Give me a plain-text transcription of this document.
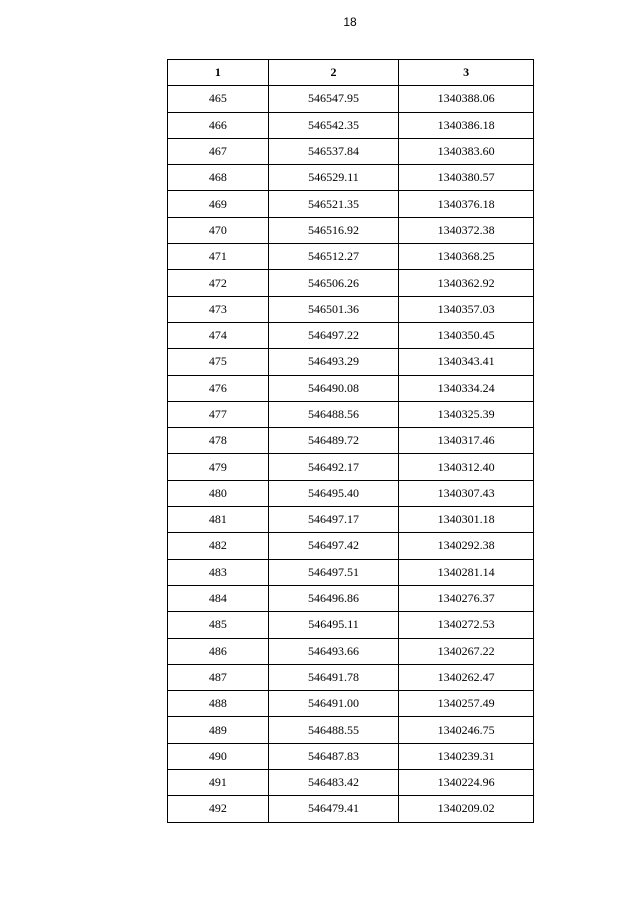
18
1	2	3
465	546547.95	1340388.06
466	546542.35	1340386.18
467	546537.84	1340383.60
468	546529.11	1340380.57
469	546521.35	1340376.18
470	546516.92	1340372.38
471	546512.27	1340368.25
472	546506.26	1340362.92
473	546501.36	1340357.03
474	546497.22	1340350.45
475	546493.29	1340343.41
476	546490.08	1340334.24
477	546488.56	1340325.39
478	546489.72	1340317.46
479	546492.17	1340312.40
480	546495.40	1340307.43
481	546497.17	1340301.18
482	546497.42	1340292.38
483	546497.51	1340281.14
484	546496.86	1340276.37
485	546495.11	1340272.53
486	546493.66	1340267.22
487	546491.78	1340262.47
488	546491.00	1340257.49
489	546488.55	1340246.75
490	546487.83	1340239.31
491	546483.42	1340224.96
492	546479.41	1340209.02
